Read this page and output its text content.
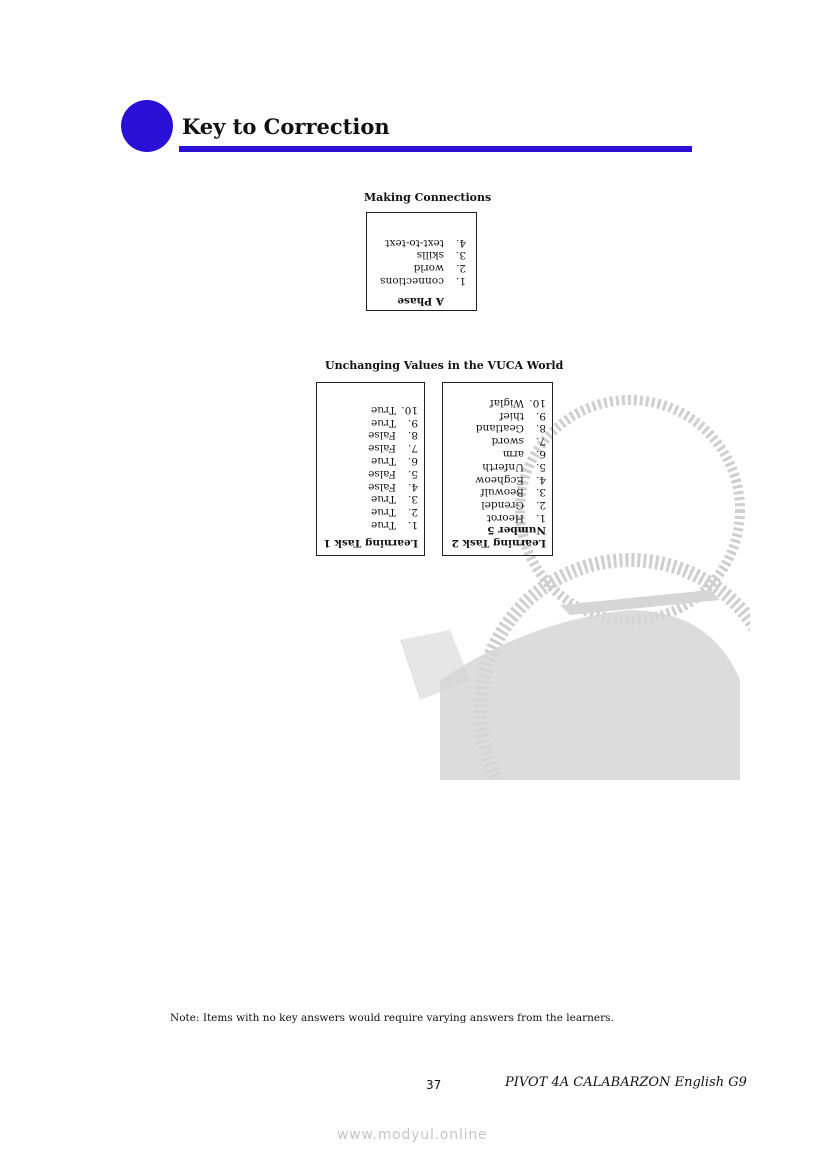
Key to Correction
Making Connections
A Phase
1.
connections
2.
world
3.
skills
4.
text-to-text
Unchanging Values in the VUCA World
Learning Task 1
1.
True
2.
True
3.
True
4.
False
5.
False
6.
True
7.
False
8.
False
9.
True
10.
True
Learning Task 2
Number 5
1.
Heorot
2.
Grendel
3.
Beowulf
4.
Ecgheow
5.
Unferth
6.
arm
7.
sword
8.
Geatland
9.
thief
10.
Wiglaf
Note: Items with no key answers would require varying answers from the learners.
37	PIVOT 4A CALABARZON English G9
www.modyul.online
